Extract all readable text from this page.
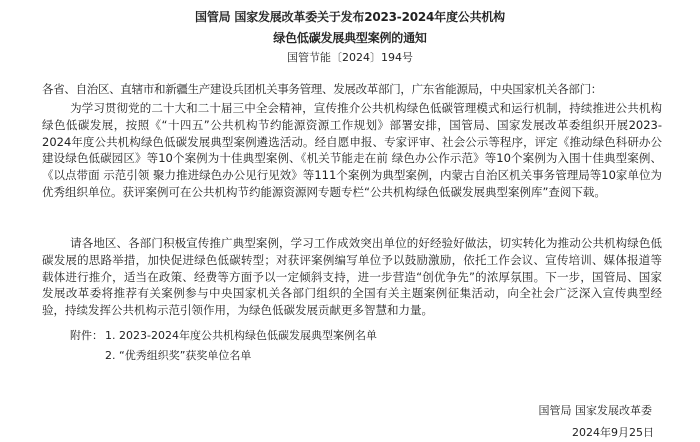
国管局 国家发展改革委关于发布2023-2024年度公共机构
绿色低碳发展典型案例的通知
国管节能〔2024〕194号
各省、自治区、直辖市和新疆生产建设兵团机关事务管理、发展改革部门，广东省能源局，中央国家机关各部门：
为学习贯彻党的二十大和二十届三中全会精神，宣传推介公共机构绿色低碳管理模式和运行机制，持续推进公共机构绿色低碳发展，按照《“十四五”公共机构节约能源资源工作规划》部署安排，国管局、国家发展改革委组织开展2023-2024年度公共机构绿色低碳发展典型案例遴选活动。经自愿申报、专家评审、社会公示等程序，评定《推动绿色科研办公 建设绿色低碳园区》等10个案例为十佳典型案例、《机关节能走在前 绿色办公作示范》等10个案例为入围十佳典型案例、《以点带面 示范引领 聚力推进绿色办公见行见效》等111个案例为典型案例，内蒙古自治区机关事务管理局等10家单位为优秀组织单位。获评案例可在公共机构节约能源资源网专题专栏“公共机构绿色低碳发展典型案例库”查阅下载。
请各地区、各部门积极宣传推广典型案例，学习工作成效突出单位的好经验好做法，切实转化为推动公共机构绿色低碳发展的思路举措，加快促进绿色低碳转型；对获评案例编写单位予以鼓励激励，依托工作会议、宣传培训、媒体报道等载体进行推介，适当在政策、经费等方面予以一定倾斜支持，进一步营造“创优争先”的浓厚氛围。下一步，国管局、国家发展改革委将推荐有关案例参与中央国家机关各部门组织的全国有关主题案例征集活动，向全社会广泛深入宣传典型经验，持续发挥公共机构示范引领作用，为绿色低碳发展贡献更多智慧和力量。
附件： 1. 2023-2024年度公共机构绿色低碳发展典型案例名单
2. “优秀组织奖”获奖单位名单
国管局 国家发展改革委
2024年9月25日
